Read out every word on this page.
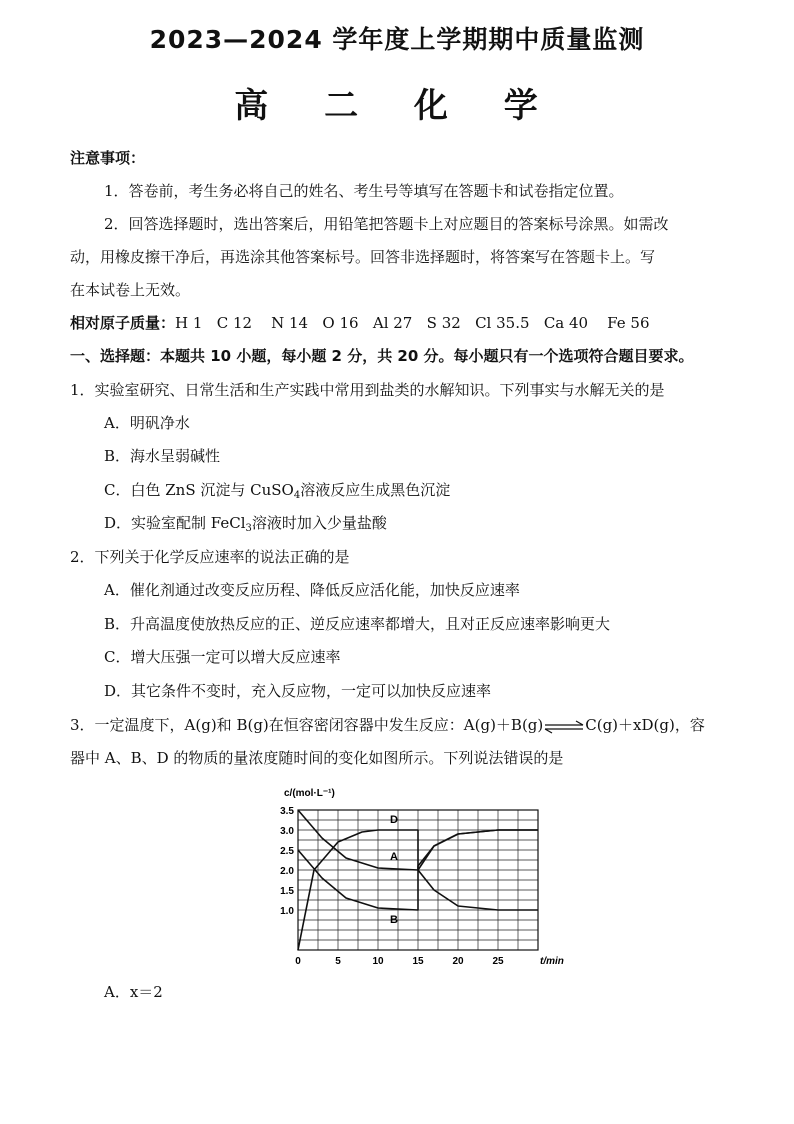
2023—2024 学年度上学期期中质量监测
高 二 化 学
注意事项：
1．答卷前，考生务必将自己的姓名、考生号等填写在答题卡和试卷指定位置。
2．回答选择题时，选出答案后，用铅笔把答题卡上对应题目的答案标号涂黑。如需改
动，用橡皮擦干净后，再选涂其他答案标号。回答非选择题时，将答案写在答题卡上。写
在本试卷上无效。
相对原子质量：H 1   C 12    N 14   O 16   Al 27   S 32   Cl 35.5   Ca 40    Fe 56
一、选择题：本题共 10 小题，每小题 2 分，共 20 分。每小题只有一个选项符合题目要求。
1．实验室研究、日常生活和生产实践中常用到盐类的水解知识。下列事实与水解无关的是
A．明矾净水
B．海水呈弱碱性
C．白色 ZnS 沉淀与 CuSO$_4$溶液反应生成黑色沉淀
D．实验室配制 FeCl$_3$溶液时加入少量盐酸
2．下列关于化学反应速率的说法正确的是
A．催化剂通过改变反应历程、降低反应活化能，加快反应速率
B．升高温度使放热反应的正、逆反应速率都增大，且对正反应速率影响更大
C．增大压强一定可以增大反应速率
D．其它条件不变时，充入反应物，一定可以加快反应速率
3．一定温度下，A(g)和 B(g)在恒容密闭容器中发生反应：A(g)＋B(g)⇌C(g)＋xD(g)，容
器中 A、B、D 的物质的量浓度随时间的变化如图所示。下列说法错误的是
0	5	10	15	20	25
1.0
1.5
2.0
2.5
3.0
3.5
c/(mol·L⁻¹)
t/min
D
A
B
A．x＝2
